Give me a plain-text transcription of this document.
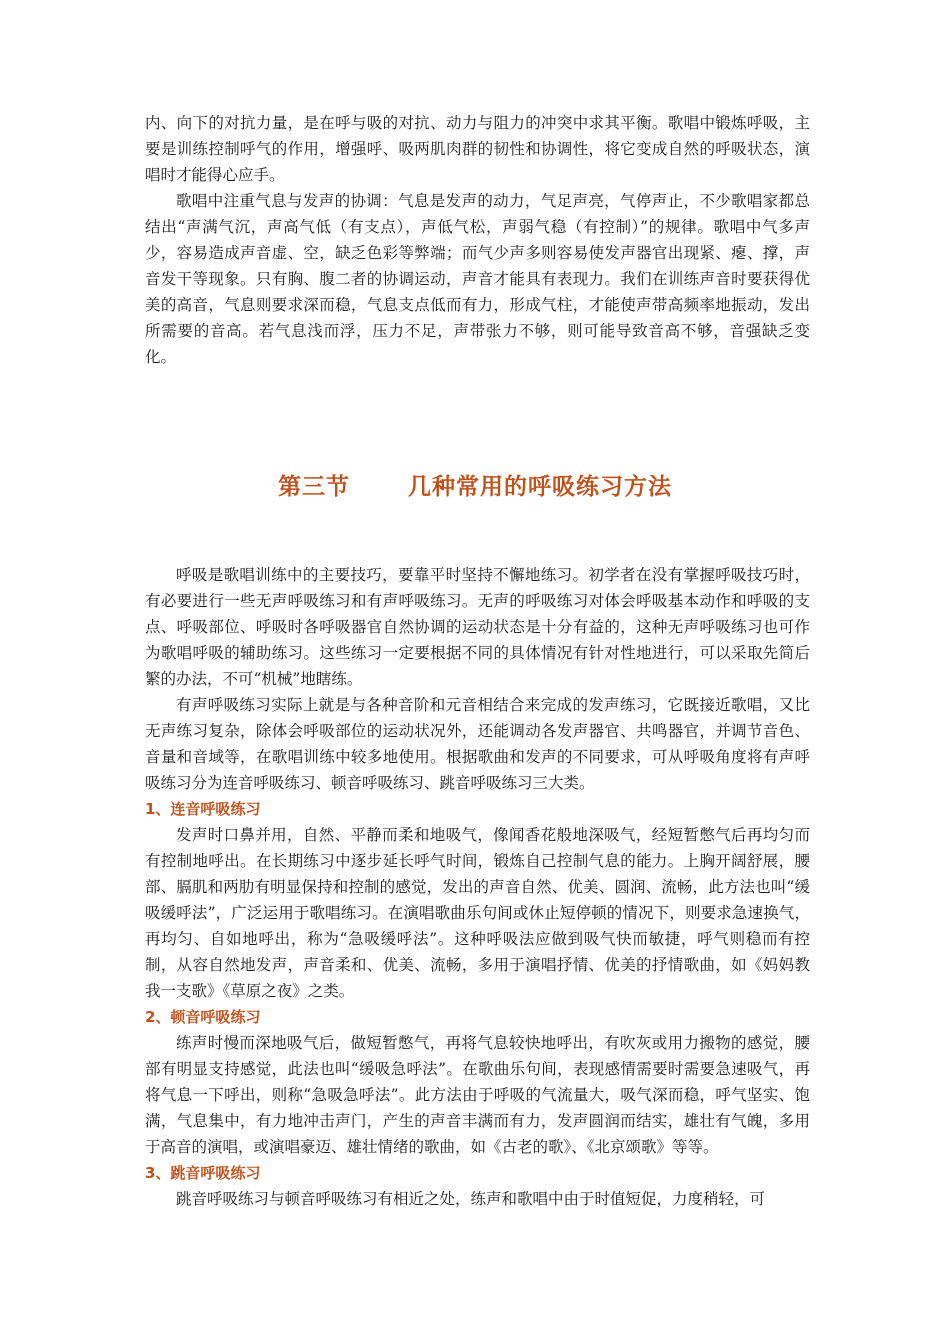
内、向下的对抗力量，是在呼与吸的对抗、动力与阻力的冲突中求其平衡。歌唱中锻炼呼吸，主要是训练控制呼气的作用，增强呼、吸两肌肉群的韧性和协调性，将它变成自然的呼吸状态，演唱时才能得心应手。

歌唱中注重气息与发声的协调：气息是发声的动力，气足声亮，气停声止，不少歌唱家都总结出“声满气沉，声高气低（有支点），声低气松，声弱气稳（有控制）”的规律。歌唱中气多声少，容易造成声音虚、空，缺乏色彩等弊端；而气少声多则容易使发声器官出现紧、瘪、撑，声音发干等现象。只有胸、腹二者的协调运动，声音才能具有表现力。我们在训练声音时要获得优美的高音，气息则要求深而稳，气息支点低而有力，形成气柱，才能使声带高频率地振动，发出所需要的音高。若气息浅而浮，压力不足，声带张力不够，则可能导致音高不够，音强缺乏变化。

第三节	几种常用的呼吸练习方法

呼吸是歌唱训练中的主要技巧，要靠平时坚持不懈地练习。初学者在没有掌握呼吸技巧时，有必要进行一些无声呼吸练习和有声呼吸练习。无声的呼吸练习对体会呼吸基本动作和呼吸的支点、呼吸部位、呼吸时各呼吸器官自然协调的运动状态是十分有益的，这种无声呼吸练习也可作为歌唱呼吸的辅助练习。这些练习一定要根据不同的具体情况有针对性地进行，可以采取先简后繁的办法，不可“机械”地瞎练。

有声呼吸练习实际上就是与各种音阶和元音相结合来完成的发声练习，它既接近歌唱，又比无声练习复杂，除体会呼吸部位的运动状况外，还能调动各发声器官、共鸣器官，并调节音色、音量和音域等，在歌唱训练中较多地使用。根据歌曲和发声的不同要求，可从呼吸角度将有声呼吸练习分为连音呼吸练习、顿音呼吸练习、跳音呼吸练习三大类。

1、连音呼吸练习

发声时口鼻并用，自然、平静而柔和地吸气，像闻香花般地深吸气，经短暂憋气后再均匀而有控制地呼出。在长期练习中逐步延长呼气时间，锻炼自己控制气息的能力。上胸开阔舒展，腰部、膈肌和两肋有明显保持和控制的感觉，发出的声音自然、优美、圆润、流畅，此方法也叫“缓吸缓呼法”，广泛运用于歌唱练习。在演唱歌曲乐句间或休止短停顿的情况下，则要求急速换气，再均匀、自如地呼出，称为“急吸缓呼法”。这种呼吸法应做到吸气快而敏捷，呼气则稳而有控制，从容自然地发声，声音柔和、优美、流畅，多用于演唱抒情、优美的抒情歌曲，如《妈妈教我一支歌》《草原之夜》之类。

2、顿音呼吸练习

练声时慢而深地吸气后，做短暂憋气，再将气息较快地呼出，有吹灰或用力搬物的感觉，腰部有明显支持感觉，此法也叫“缓吸急呼法”。在歌曲乐句间，表现感情需要时需要急速吸气，再将气息一下呼出，则称“急吸急呼法”。此方法由于呼吸的气流量大，吸气深而稳，呼气坚实、饱满，气息集中，有力地冲击声门，产生的声音丰满而有力，发声圆润而结实，雄壮有气魄，多用于高音的演唱，或演唱豪迈、雄壮情绪的歌曲，如《古老的歌》、《北京颂歌》等等。

3、跳音呼吸练习

跳音呼吸练习与顿音呼吸练习有相近之处，练声和歌唱中由于时值短促，力度稍轻，可
